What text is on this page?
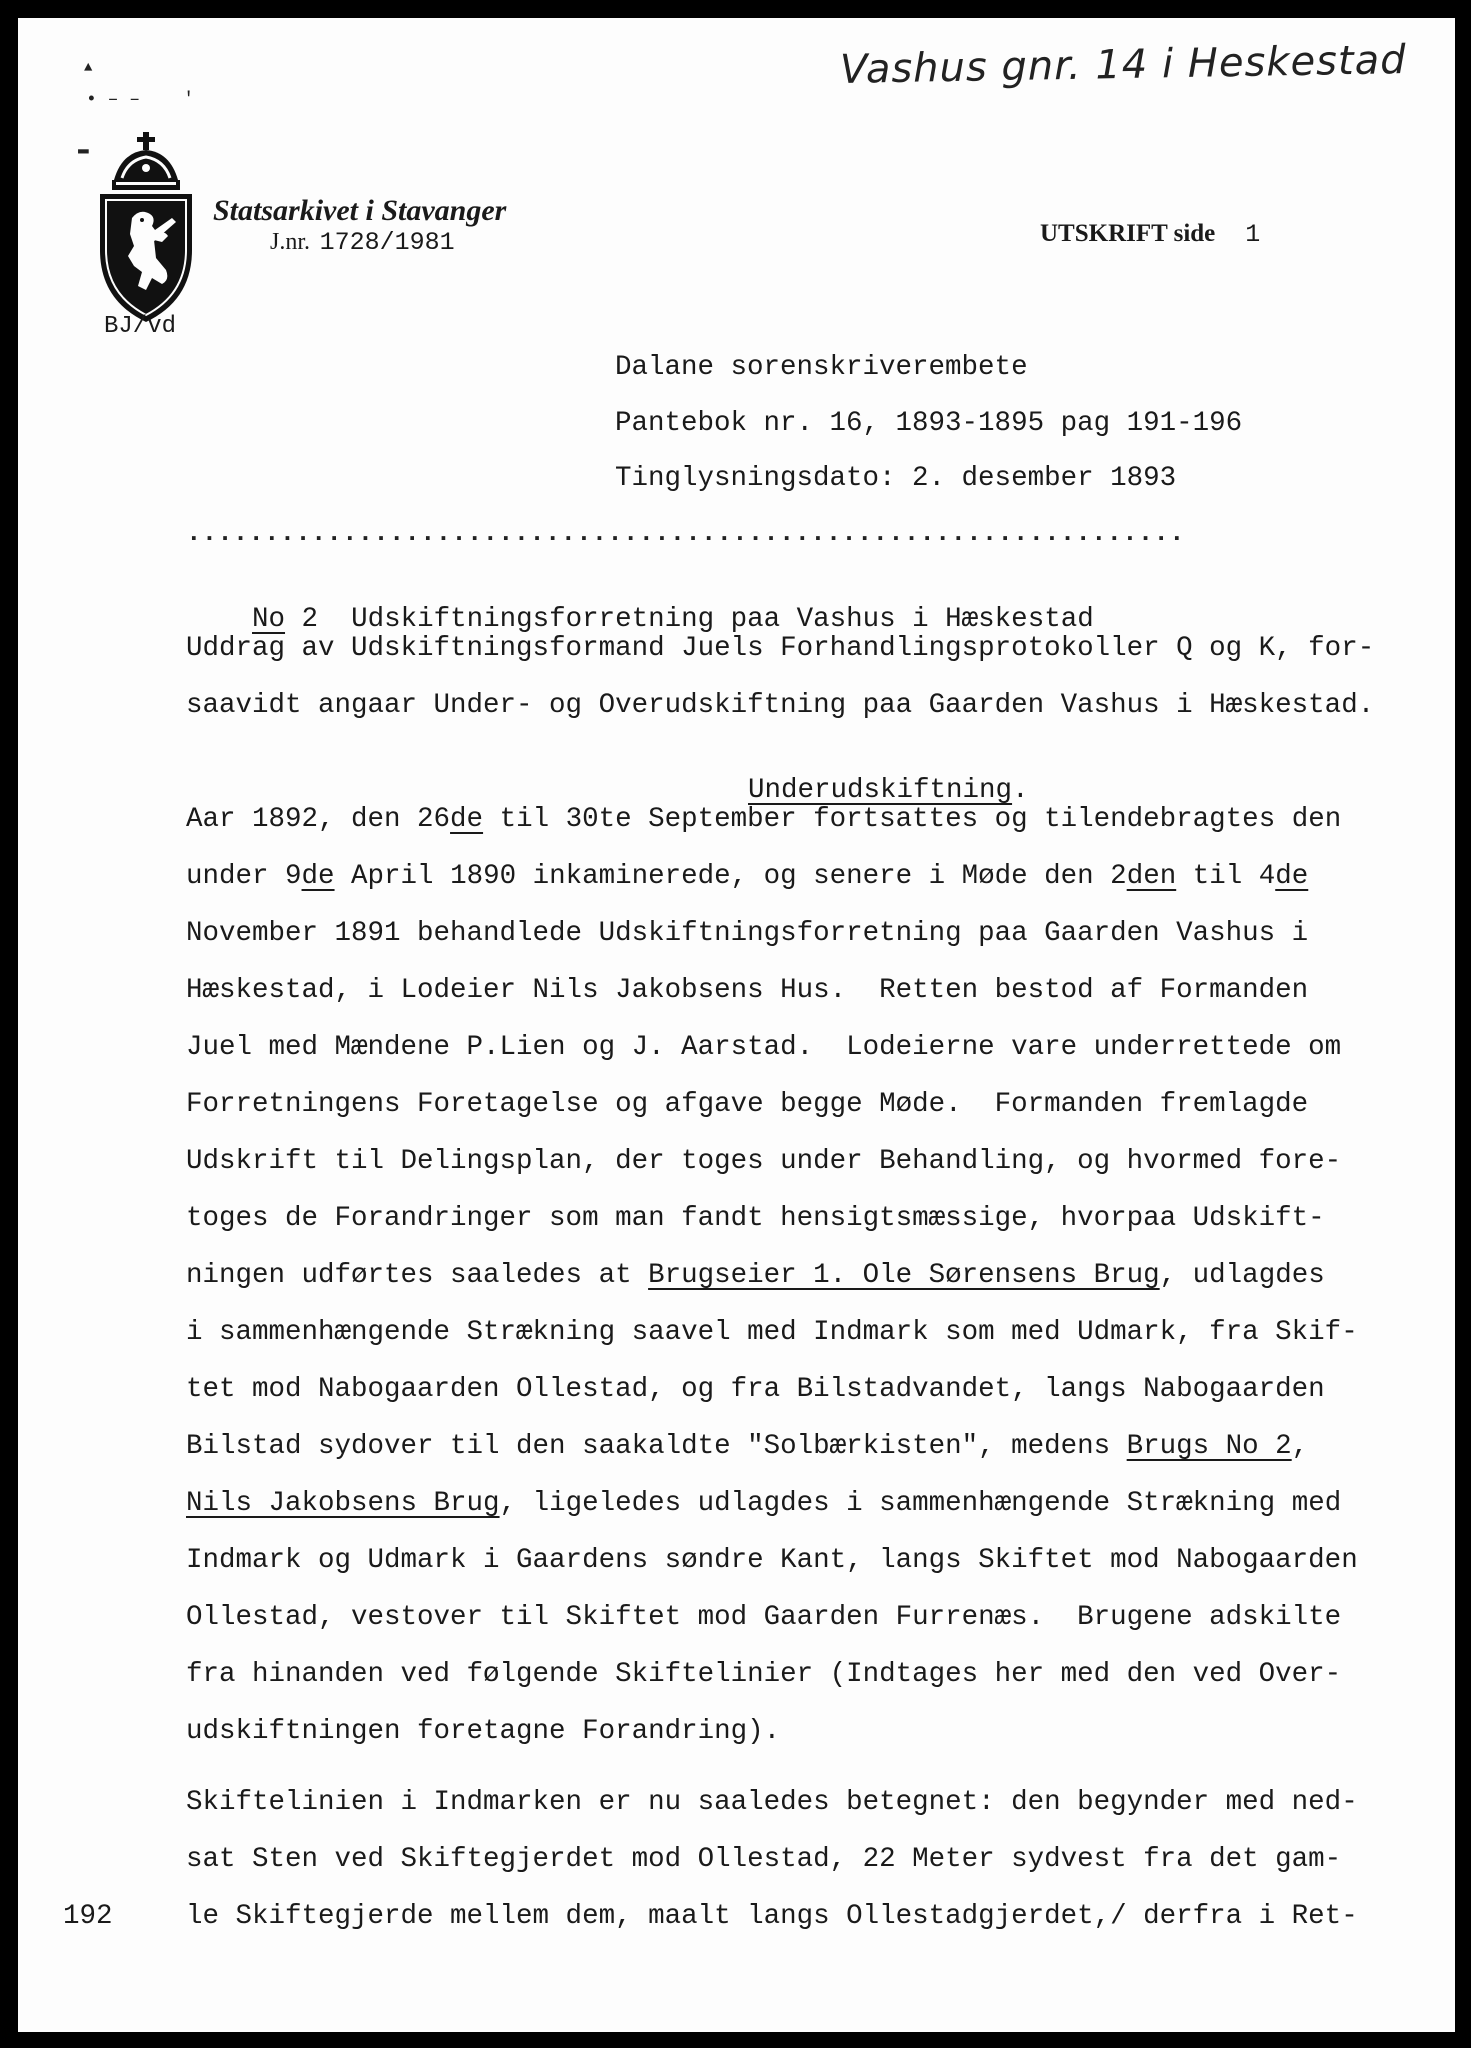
▲
• – –    '
▬
Vashus gnr. 14 i Heskestad
Statsarkivet i Stavanger
J.nr. 1728/1981	UTSKRIFT side 1
BJ/vd
Dalane sorenskriverembete
Pantebok nr. 16, 1893-1895 pag 191-196
Tinglysningsdato: 2. desember 1893
................................................................

No 2 Udskiftningsforretning paa Vashus i Hæskestad

Uddrag av Udskiftningsformand Juels Forhandlingsprotokoller Q og K, for-
saavidt angaar Under- og Overudskiftning paa Gaarden Vashus i Hæskestad.

Underudskiftning.

Aar 1892, den 26de til 30te September fortsattes og tilendebragtes den
under 9de April 1890 inkaminerede, og senere i Møde den 2den til 4de
November 1891 behandlede Udskiftningsforretning paa Gaarden Vashus i
Hæskestad, i Lodeier Nils Jakobsens Hus.  Retten bestod af Formanden
Juel med Mændene P.Lien og J. Aarstad.  Lodeierne vare underrettede om
Forretningens Foretagelse og afgave begge Møde.  Formanden fremlagde
Udskrift til Delingsplan, der toges under Behandling, og hvormed fore-
toges de Forandringer som man fandt hensigtsmæssige, hvorpaa Udskift-
ningen udførtes saaledes at Brugseier 1. Ole Sørensens Brug, udlagdes
i sammenhængende Strækning saavel med Indmark som med Udmark, fra Skif-
tet mod Nabogaarden Ollestad, og fra Bilstadvandet, langs Nabogaarden
Bilstad sydover til den saakaldte "Solbærkisten", medens Brugs No 2,
Nils Jakobsens Brug, ligeledes udlagdes i sammenhængende Strækning med
Indmark og Udmark i Gaardens søndre Kant, langs Skiftet mod Nabogaarden
Ollestad, vestover til Skiftet mod Gaarden Furrenæs.  Brugene adskilte
fra hinanden ved følgende Skiftelinier (Indtages her med den ved Over-
udskiftningen foretagne Forandring).
Skiftelinien i Indmarken er nu saaledes betegnet: den begynder med ned-
sat Sten ved Skiftegjerdet mod Ollestad, 22 Meter sydvest fra det gam-
le Skiftegjerde mellem dem, maalt langs Ollestadgjerdet,/ derfra i Ret-
192
